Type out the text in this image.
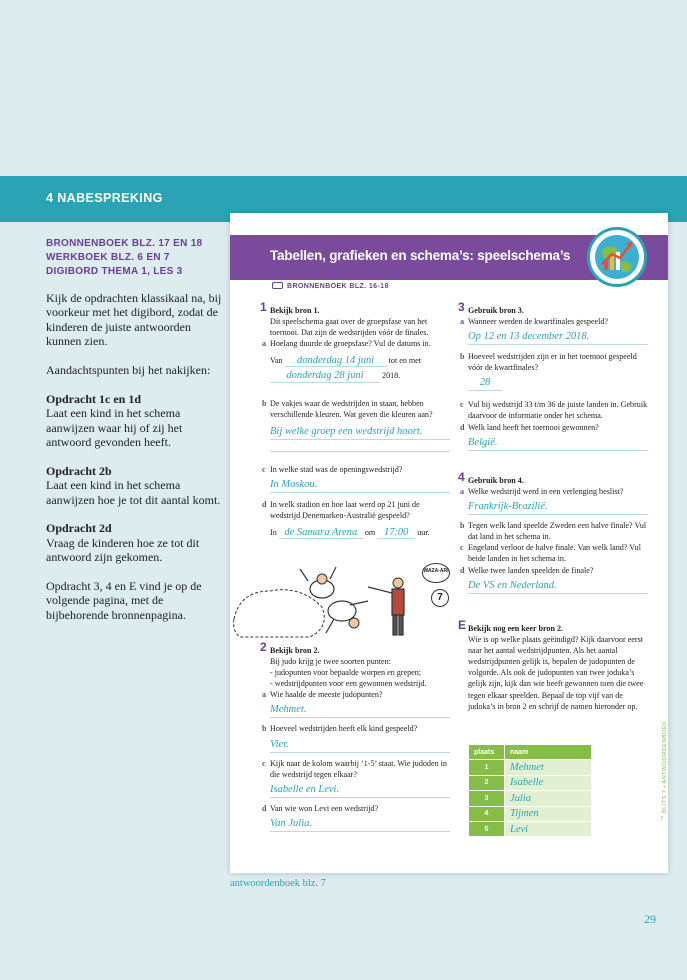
4 NABESPREKING
BRONNENBOEK BLZ. 17 EN 18
WERKBOEK BLZ. 6 EN 7
DIGIBORD THEMA 1, LES 3

Kijk de opdrachten klassikaal na, bij voorkeur met het digibord, zodat de kinderen de juiste antwoorden kunnen zien.

Aandachtspunten bij het nakijken:

Opdracht 1c en 1d
Laat een kind in het schema aanwijzen waar hij of zij het antwoord gevonden heeft.

Opdracht 2b
Laat een kind in het schema aanwijzen hoe je tot dit aantal komt.

Opdracht 2d
Vraag de kinderen hoe ze tot dit antwoord zijn gekomen.

Opdracht 3, 4 en E vind je op de volgende pagina, met de bijbehorende bronnenpagina.

Tabellen, grafieken en schema’s: speelschema’s
BRONNENBOEK BLZ. 16-18
1 Bekijk bron 1.
Dit speelschema gaat over de groepsfase van het toernooi. Dat zijn de wedstrijden vóór de finales.
a Hoelang duurde de groepsfase? Vul de datums in.
Van donderdag 14 juni tot en met
donderdag 28 juni 2018.
b De vakjes waar de wedstrijden in staan, hebben verschillende kleuren. Wat geven die kleuren aan?
Bij welke groep een wedstrijd hoort.
c In welke stad was de openingswedstrijd?
In Moskou.
d In welk stadion en hoe laat werd op 21 juni de wedstrijd Denemarken-Australië gespeeld?
In de Samara Arena om 17:00 uur.
WAZA-ARI
7
2 Bekijk bron 2.
Bij judo krijg je twee soorten punten:
- judopunten voor bepaalde worpen en grepen;
- wedstrijdpunten voor een gewonnen wedstrijd.
a Wie haalde de meeste judopunten?
Mehmet.
b Hoeveel wedstrijden heeft elk kind gespeeld?
Vier.
c Kijk naar de kolom waarbij ‘1-5’ staat. Wie judoden in die wedstrijd tegen elkaar?
Isabelle en Levi.
d Van wie won Levi een wedstrijd?
Van Julia.
3 Gebruik bron 3.
a Wanneer werden de kwartfinales gespeeld?
Op 12 en 13 december 2018.
b Hoeveel wedstrijden zijn er in het toernooi gespeeld vóór de kwartfinales?
28
c Vul bij wedstrijd 33 t/m 36 de juiste landen in. Gebruik daarvoor de informatie onder het schema.
d Welk land heeft het toernooi gewonnen?
België.
4 Gebruik bron 4.
a Welke wedstrijd werd in een verlenging beslist?
Frankrijk-Brazilië.
b Tegen welk land speelde Zweden een halve finale? Vul dat land in het schema in.
c Engeland verloor de halve finale. Van welk land? Vul beide landen in het schema in.
d Welke twee landen speelden de finale?
De VS en Nederland.
E Bekijk nog een keer bron 2.
Wie is op welke plaats geëindigd? Kijk daarvoor eerst naar het aantal wedstrijdpunten. Als het aantal wedstrijdpunten gelijk is, bepalen de judopunten de volgorde. Als ook de judopunten van twee joduka’s gelijk zijn, kijk dan wie heeft gewonnen toen die twee tegen elkaar speelden. Bepaal de top vijf van de judoka’s in bron 2 en schrijf de namen hieronder op.
plaats	naam
1	Mehmet
2	Isabelle
3	Julia
4	Tijmen
5	Levi
BLITS 7 • ANTWOORDENBOEK
7
antwoordenboek blz. 7
29
